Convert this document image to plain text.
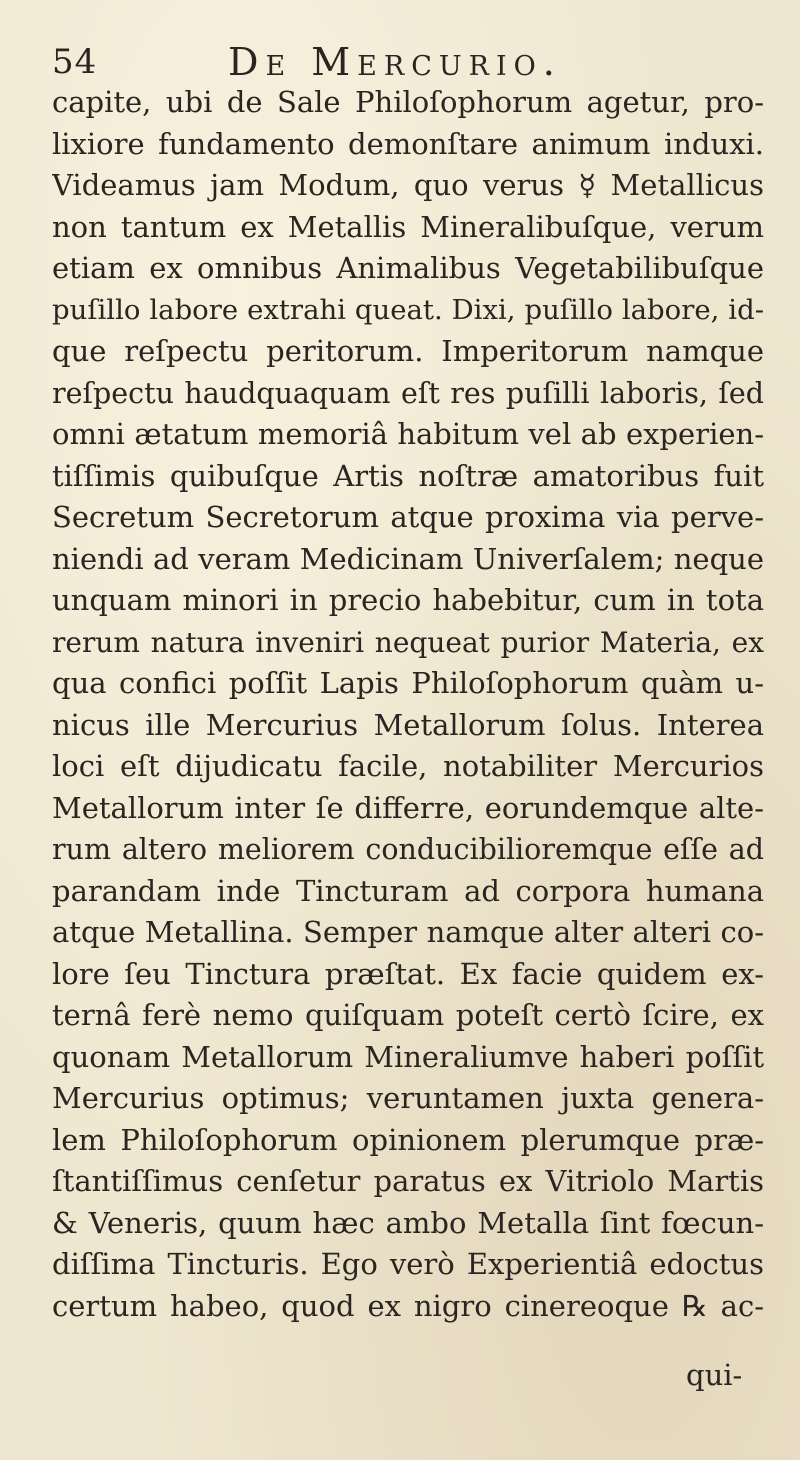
54	De Mercurio.
capite, ubi de Sale Philoſophorum agetur, pro-
lixiore fundamento demonſtare animum induxi.
Videamus jam Modum, quo verus ☿ Metallicus
non tantum ex Metallis Mineralibuſque, verum
etiam ex omnibus Animalibus Vegetabilibuſque
puſillo labore extrahi queat. Dixi, puſillo labore, id-
que reſpectu peritorum. Imperitorum namque
reſpectu haudquaquam eſt res puſilli laboris, ſed
omni ætatum memoriâ habitum vel ab experien-
tiſſimis quibuſque Artis noſtræ amatoribus fuit
Secretum Secretorum atque proxima via perve-
niendi ad veram Medicinam Univerſalem; neque
unquam minori in precio habebitur, cum in tota
rerum natura inveniri nequeat purior Materia, ex
qua confici poſſit Lapis Philoſophorum quàm u-
nicus ille Mercurius Metallorum ſolus. Interea
loci eſt dijudicatu facile, notabiliter Mercurios
Metallorum inter ſe differre, eorundemque alte-
rum altero meliorem conducibilioremque eſſe ad
parandam inde Tincturam ad corpora humana
atque Metallina. Semper namque alter alteri co-
lore ſeu Tinctura præſtat. Ex facie quidem ex-
ternâ ferè nemo quiſquam poteſt certò ſcire, ex
quonam Metallorum Mineraliumve haberi poſſit
Mercurius optimus; veruntamen juxta genera-
lem Philoſophorum opinionem plerumque præ-
ſtantiſſimus cenſetur paratus ex Vitriolo Martis
& Veneris, quum hæc ambo Metalla ſint fœcun-
diſſima Tincturis. Ego verò Experientiâ edoctus
certum habeo, quod ex nigro cinereoque ℞ ac-
qui-
